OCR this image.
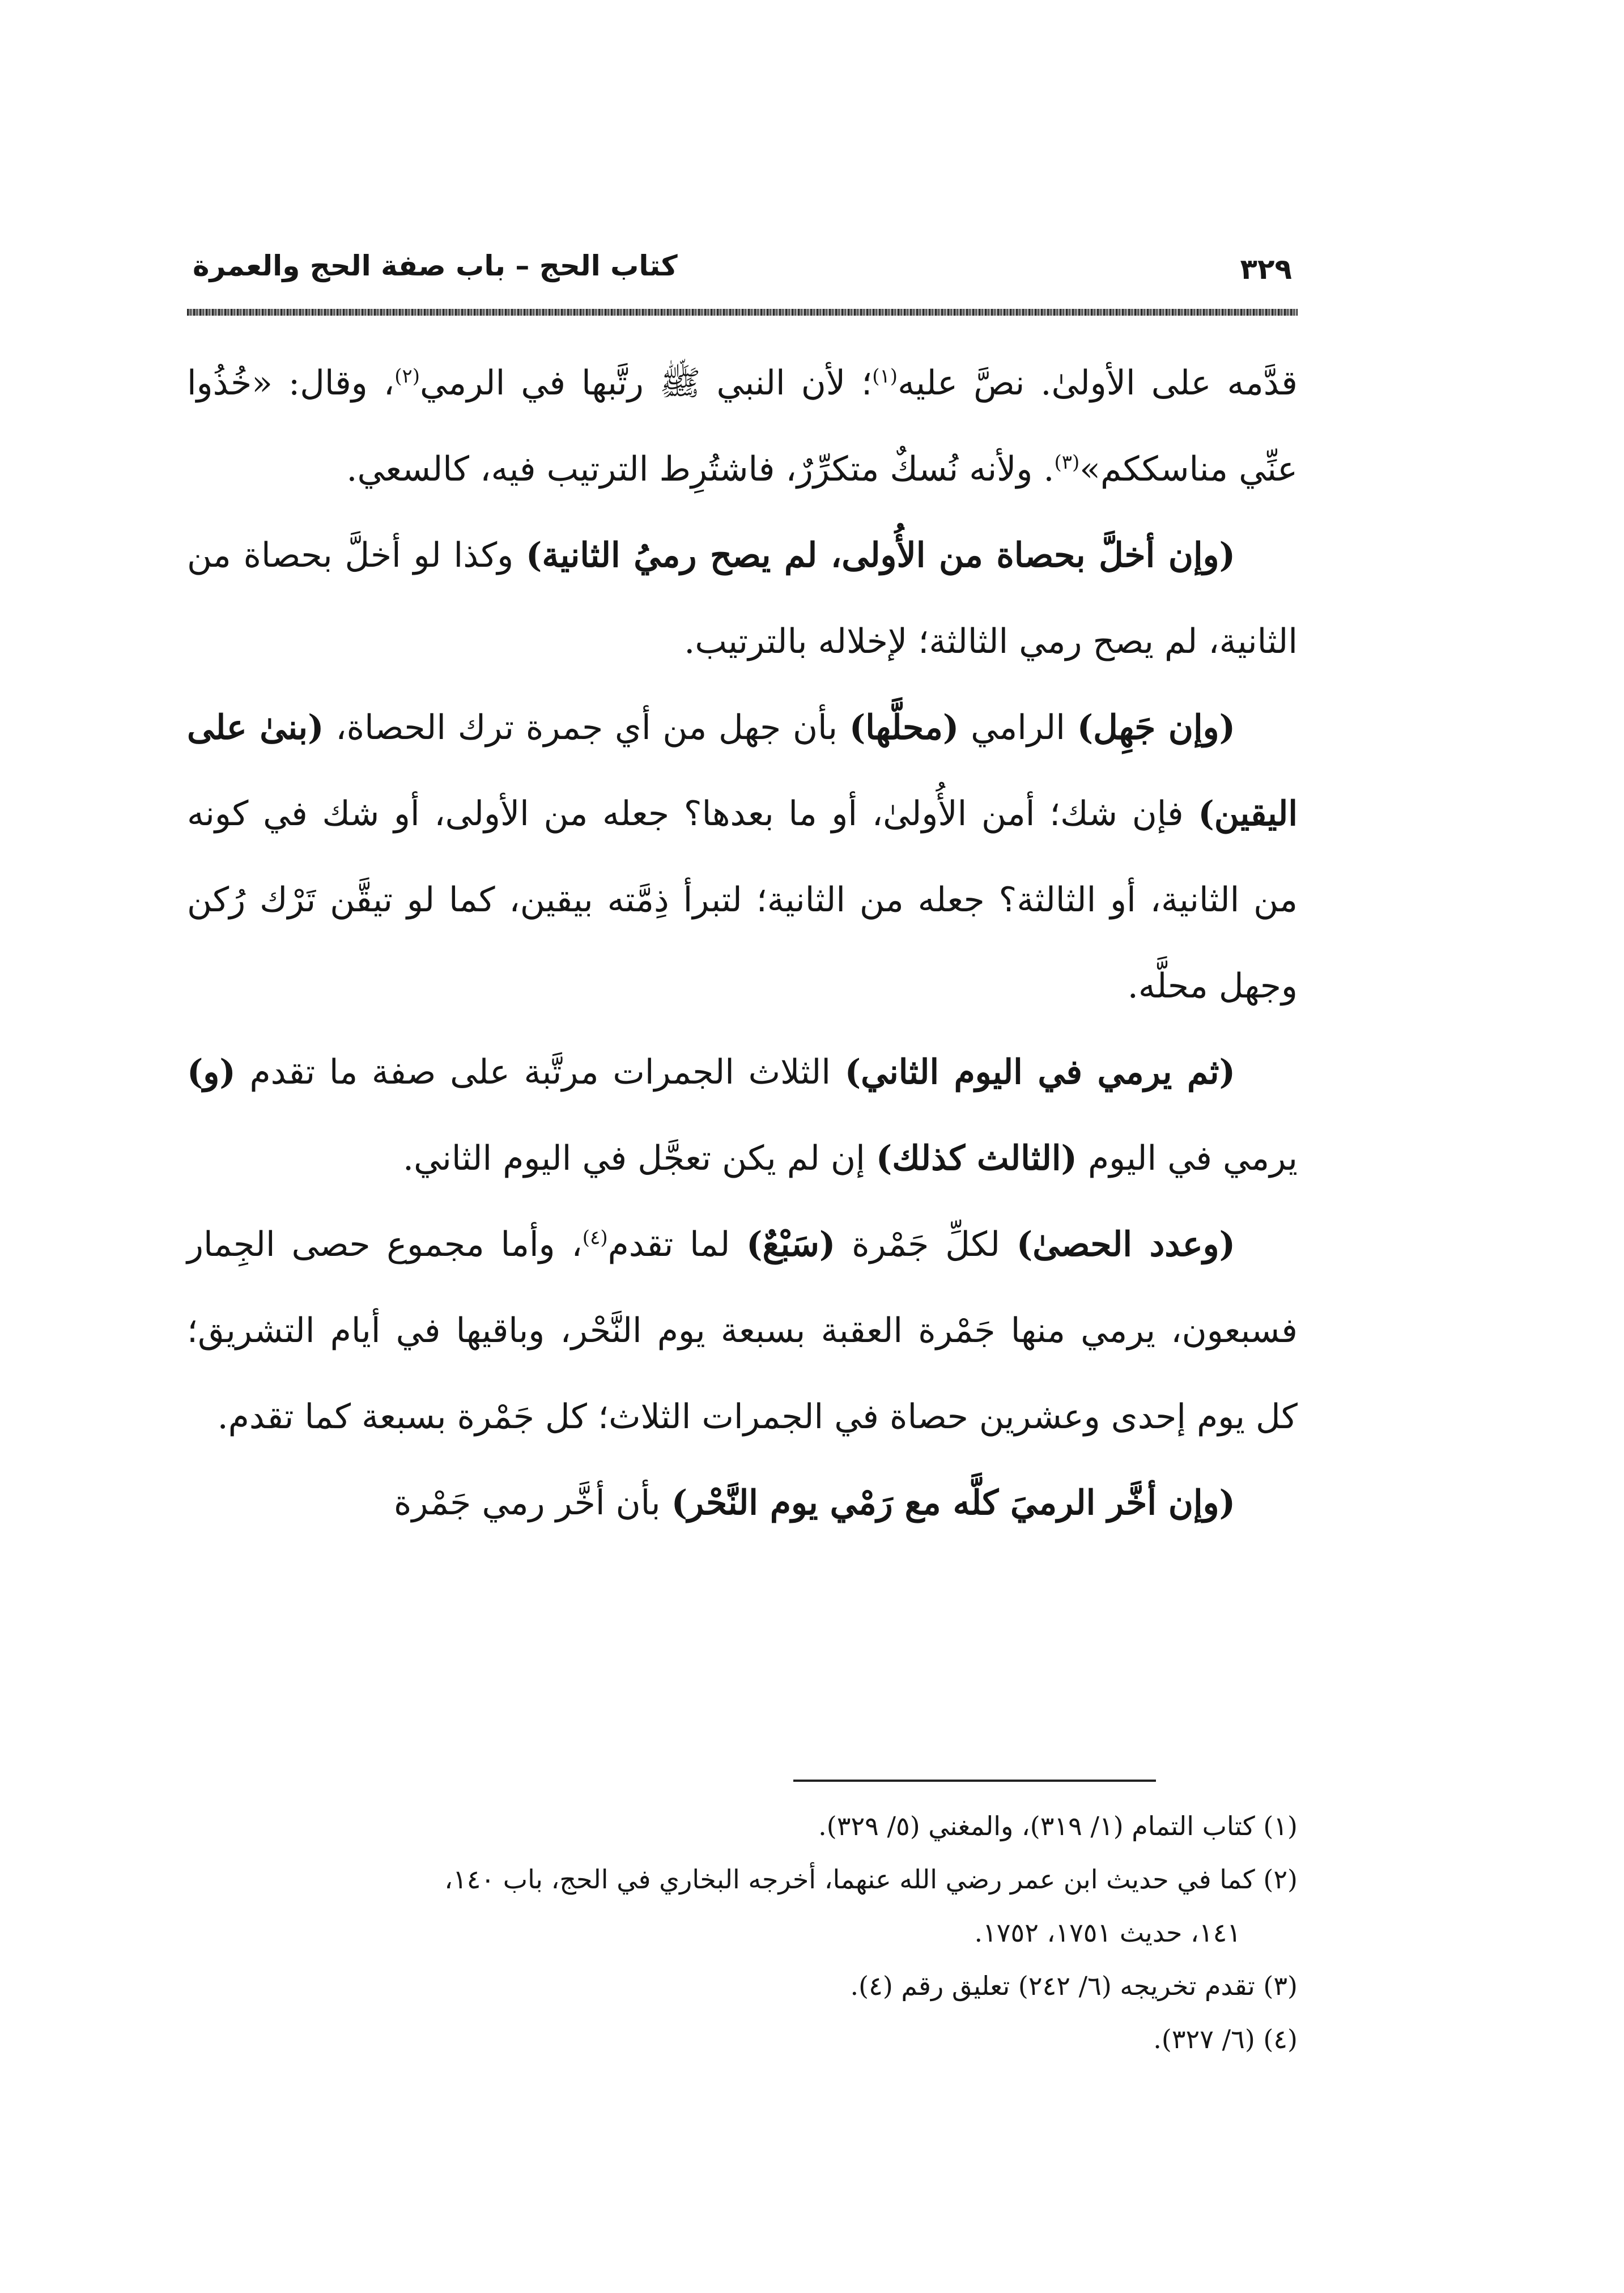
٣٢٩
كتاب الحج – باب صفة الحج والعمرة

قدَّمه على الأولىٰ. نصَّ عليه$^{(١)}$؛ لأن النبي ﷺ رتَّبها في الرمي$^{(٢)}$، وقال: «خُذُوا عنِّي مناسككم»$^{(٣)}$. ولأنه نُسكٌ متكرِّرٌ، فاشتُرِط الترتيب فيه، كالسعي.

(وإن أخلَّ بحصاة من الأُولى، لم يصح رميُ الثانية) وكذا لو أخلَّ بحصاة من الثانية، لم يصح رمي الثالثة؛ لإخلاله بالترتيب.

(وإن جَهِل) الرامي (محلَّها) بأن جهل من أي جمرة ترك الحصاة، (بنىٰ على اليقين) فإن شك؛ أمن الأُولىٰ، أو ما بعدها؟ جعله من الأولى، أو شك في كونه من الثانية، أو الثالثة؟ جعله من الثانية؛ لتبرأ ذِمَّته بيقين، كما لو تيقَّن تَرْك رُكن وجهل محلَّه.

(ثم يرمي في اليوم الثاني) الثلاث الجمرات مرتَّبة على صفة ما تقدم (و) يرمي في اليوم (الثالث كذلك) إن لم يكن تعجَّل في اليوم الثاني.

(وعدد الحصىٰ) لكلِّ جَمْرة (سَبْعٌ) لما تقدم$^{(٤)}$، وأما مجموع حصى الجِمار فسبعون، يرمي منها جَمْرة العقبة بسبعة يوم النَّحْر، وباقيها في أيام التشريق؛ كل يوم إحدى وعشرين حصاة في الجمرات الثلاث؛ كل جَمْرة بسبعة كما تقدم.

(وإن أخَّر الرميَ كلَّه مع رَمْي يوم النَّحْر) بأن أخَّر رمي جَمْرة

(١) كتاب التمام (١/ ٣١٩)، والمغني (٥/ ٣٢٩).

(٢) كما في حديث ابن عمر رضي الله عنهما، أخرجه البخاري في الحج، باب ١٤٠،
١٤١، حديث ١٧٥١، ١٧٥٢.

(٣) تقدم تخريجه (٦/ ٢٤٢) تعليق رقم (٤).

(٤) (٦/ ٣٢٧).
